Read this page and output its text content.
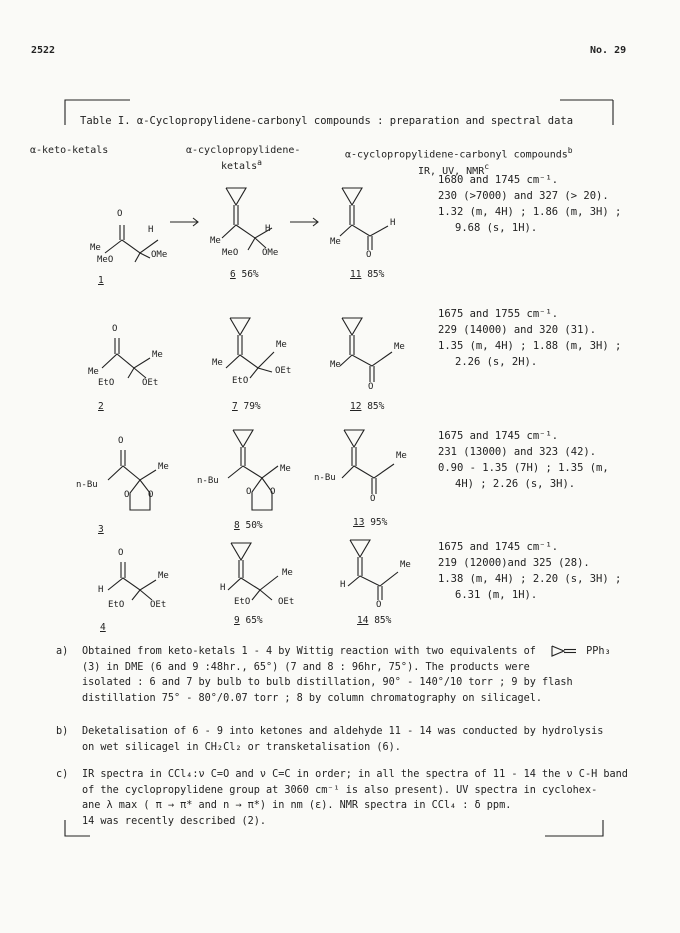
2522	No. 29
Table I. α-Cyclopropylidene-carbonyl compounds : preparation and spectral data
α-keto-ketals	α-cyclopropylidene-
ketals$^a$
α-cyclopropylidene-carbonyl compounds$^b$
IR, UV, NMR$^c$
O
H
Me
MeO	OMe
1
H
Me
MeO	OMe
6 56%
H
Me
O
11 85%
1680 and 1745 cm⁻¹.
230 (>7000) and 327 (> 20).
1.32 (m, 4H) ; 1.86 (m, 3H) ;
9.68 (s, 1H).
O
Me
Me
EtO	OEt
2
Me
Me
OEt
EtO
7 79%
Me
Me
O
12 85%
1675 and 1755 cm⁻¹.
229 (14000) and 320 (31).
1.35 (m, 4H) ; 1.88 (m, 3H) ;
2.26 (s, 2H).
O
Me
n-Bu
O O
3
Me
n-Bu
O O
8 50%
Me
n-Bu
O
13 95%
1675 and 1745 cm⁻¹.
231 (13000) and 323 (42).
0.90 - 1.35 (7H) ; 1.35 (m,
4H) ; 2.26 (s, 3H).
O
Me
H
EtO	OEt
4
Me
H
EtO	OEt
9 65%
Me
H
O
14 85%
1675 and 1745 cm⁻¹.
219 (12000)and 325 (28).
1.38 (m, 4H) ; 2.20 (s, 3H) ;
6.31 (m, 1H).
a) Obtained from keto-ketals 1 - 4 by Wittig reaction with two equivalents of	PPh₃
(3) in DME (6 and 9 :48hr., 65°) (7 and 8 : 96hr, 75°). The products were
isolated : 6 and 7 by bulb to bulb distillation, 90° - 140°/10 torr ; 9 by flash
distillation 75° - 80°/0.07 torr ; 8 by column chromatography on silicagel.
b) Deketalisation of 6 - 9 into ketones and aldehyde 11 - 14 was conducted by hydrolysis
on wet silicagel in CH₂Cl₂ or transketalisation (6).
c) IR spectra in CCl₄:ν C=O and ν C=C in order; in all the spectra of 11 - 14 the ν C-H band
of the cyclopropylidene group at 3060 cm⁻¹ is also present). UV spectra in cyclohex-
ane λ max ( π → π* and n → π*) in nm (ε). NMR spectra in CCl₄ : δ ppm.
14 was recently described (2).
